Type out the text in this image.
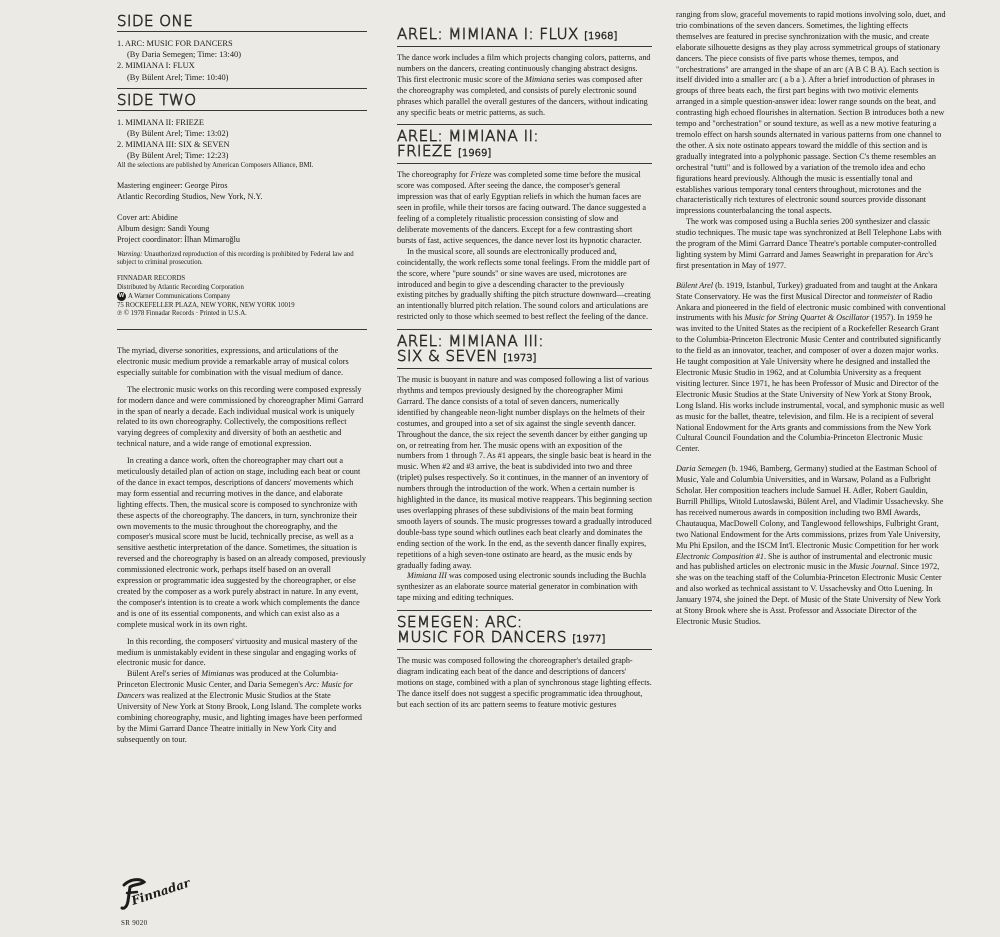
SIDE ONE
1. ARC: MUSIC FOR DANCERS
(By Daria Semegen; Time: 13:40)
2. MIMIANA I: FLUX
(By Bülent Arel; Time: 10:40)
SIDE TWO
1. MIMIANA II: FRIEZE
(By Bülent Arel; Time: 13:02)
2. MIMIANA III: SIX & SEVEN
(By Bülent Arel; Time: 12:23)
All the selections are published by American Composers Alliance, BMI.
Mastering engineer: George Piros
Atlantic Recording Studios, New York, N.Y.
Cover art: Abidine
Album design: Sandi Young
Project coordinator: İlhan Mimaroğlu
Warning: Unauthorized reproduction of this recording is prohibited by Federal law and subject to criminal prosecution.
FINNADAR RECORDS
Distributed by Atlantic Recording Corporation
W A Warner Communications Company
75 ROCKEFELLER PLAZA, NEW YORK, NEW YORK 10019
℗ © 1978 Finnadar Records · Printed in U.S.A.

The myriad, diverse sonorities, expressions, and articulations of the electronic music medium provide a remarkable array of musical colors especially suitable for combination with the visual medium of dance.

The electronic music works on this recording were composed expressly for modern dance and were commissioned by choreographer Mimi Garrard in the span of nearly a decade. Each individual musical work is uniquely related to its own choreography. Collectively, the compositions reflect varying degrees of complexity and diversity of both an aesthetic and technical nature, and a wide range of emotional expression.

In creating a dance work, often the choreographer may chart out a meticulously detailed plan of action on stage, including each beat or count of the dance in exact tempos, descriptions of dancers' movements which may form essential and recurring motives in the dance, and elaborate lighting effects. Then, the musical score is composed to synchronize with these aspects of the choreography. The dancers, in turn, synchronize their own movements to the music throughout the choreography, and the composer's musical score must be lucid, technically precise, as well as a sensitive aesthetic interpretation of the dance. Sometimes, the situation is reversed and the choreography is based on an already composed, previously commissioned electronic work, perhaps itself based on an overall expression or programmatic idea suggested by the choreographer, or else created by the composer as a work purely abstract in nature. In any event, the composer's intention is to create a work which complements the dance and is one of its essential components, and which can exist also as a complete musical work in its own right.

In this recording, the composers' virtuosity and musical mastery of the medium is unmistakably evident in these singular and engaging works of electronic music for dance.

Bülent Arel's series of Mimianas was produced at the Columbia-Princeton Electronic Music Center, and Daria Semegen's Arc: Music for Dancers was realized at the Electronic Music Studios at the State University of New York at Stony Brook, Long Island. The complete works combining choreography, music, and lighting images have been performed by the Mimi Garrard Dance Theatre initially in New York City and subsequently on tour.

Finnadar
SR 9020
AREL: MIMIANA I: FLUX [1968]

The dance work includes a film which projects changing colors, patterns, and numbers on the dancers, creating continuously changing abstract designs. This first electronic music score of the Mimiana series was composed after the choreography was completed, and consists of purely electronic sound phrases which parallel the overall gestures of the dancers, without indicating any specific beats or metric patterns, as such.

AREL: MIMIANA II:
FRIEZE [1969]

The choreography for Frieze was completed some time before the musical score was composed. After seeing the dance, the composer's general impression was that of early Egyptian reliefs in which the human faces are seen in profile, while their torsos are facing outward. The dance suggested a feeling of a completely ritualistic procession consisting of slow and deliberate movements of the dancers. Except for a few contrasting short bursts of fast, active sequences, the dance never lost its hypnotic character.

In the musical score, all sounds are electronically produced and, coincidentally, the work reflects some tonal feelings. From the middle part of the score, where "pure sounds" or sine waves are used, microtones are introduced and begin to give a descending character to the previously existing pitches by gradually shifting the pitch structure downward—creating an intentionally blurred pitch relation. The sound colors and articulations are restricted only to those which seemed to best reflect the feeling of the dance.

AREL: MIMIANA III:
SIX & SEVEN [1973]

The music is buoyant in nature and was composed following a list of various rhythms and tempos previously designed by the choreographer Mimi Garrard. The dance consists of a total of seven dancers, numerically identified by changeable neon-light number displays on the helmets of their costumes, and grouped into a set of six against the single seventh dancer. Throughout the dance, the six reject the seventh dancer by either ganging up on, or retreating from her. The music opens with an exposition of the numbers from 1 through 7. As #1 appears, the single basic beat is heard in the music. When #2 and #3 arrive, the beat is subdivided into two and three (triplet) pulses respectively. So it continues, in the manner of an inventory of numbers through the introduction of the work. When a certain number is highlighted in the dance, its musical motive reappears. This beginning section uses overlapping phrases of these subdivisions of the main beat forming smooth layers of sounds. The music progresses toward a gradually introduced double-bass type sound which outlines each beat clearly and dominates the ending section of the work. In the end, as the seventh dancer finally expires, repetitions of a high seven-tone ostinato are heard, as the music ends by gradually fading away.

Mimiana III was composed using electronic sounds including the Buchla synthesizer as an elaborate source material generator in combination with tape mixing and editing techniques.

SEMEGEN: ARC:
MUSIC FOR DANCERS [1977]

The music was composed following the choreographer's detailed graph-diagram indicating each beat of the dance and descriptions of dancers' motions on stage, combined with a plan of synchronous stage lighting effects. The dance itself does not suggest a specific programmatic idea throughout, but each section of its arc pattern seems to feature motivic gestures

ranging from slow, graceful movements to rapid motions involving solo, duet, and trio combinations of the seven dancers. Sometimes, the lighting effects themselves are featured in precise synchronization with the music, and create elaborate silhouette designs as they play across symmetrical groups of stationary dancers. The piece consists of five parts whose themes, tempos, and "orchestrations" are arranged in the shape of an arc (A B C B A). Each section is itself divided into a smaller arc ( a b a ). After a brief introduction of phrases in groups of three beats each, the first part begins with two motivic elements arranged in a simple question-answer idea: lower range sounds on the beat, and contrasting high echoed flourishes in alternation. Section B introduces both a new tempo and "orchestration" or sound texture, as well as a new motive featuring a tremolo effect on harsh sounds alternated in various patterns from one channel to the other. A six note ostinato appears toward the middle of this section and is gradually integrated into a polyphonic passage. Section C's theme resembles an orchestral "tutti" and is followed by a variation of the tremolo idea and echo figurations heard previously. Although the music is essentially tonal and establishes various temporary tonal centers throughout, microtones and the characteristically rich textures of electronic sound sources provide dissonant impressions counterbalancing the tonal aspects.

The work was composed using a Buchla series 200 synthesizer and classic studio techniques. The music tape was synchronized at Bell Telephone Labs with the program of the Mimi Garrard Dance Theatre's portable computer-controlled lighting system by Mimi Garrard and James Seawright in preparation for Arc's first presentation in May of 1977.

Bülent Arel (b. 1919, Istanbul, Turkey) graduated from and taught at the Ankara State Conservatory. He was the first Musical Director and tonmeister of Radio Ankara and pioneered in the field of electronic music combined with conventional instruments with his Music for String Quartet & Oscillator (1957). In 1959 he was invited to the United States as the recipient of a Rockefeller Research Grant to the Columbia-Princeton Electronic Music Center and contributed significantly to the field as an innovator, teacher, and composer of over a dozen major works. He taught composition at Yale University where he designed and installed the Electronic Music Studio in 1962, and at Columbia University as a frequent visiting lecturer. Since 1971, he has been Professor of Music and Director of the Electronic Music Studios at the State University of New York at Stony Brook, Long Island. His works include instrumental, vocal, and symphonic music as well as music for the ballet, theatre, television, and film. He is a recipient of several National Endowment for the Arts grants and commissions from the New York Cultural Council Foundation and the Columbia-Princeton Electronic Music Center.

Daria Semegen (b. 1946, Bamberg, Germany) studied at the Eastman School of Music, Yale and Columbia Universities, and in Warsaw, Poland as a Fulbright Scholar. Her composition teachers include Samuel H. Adler, Robert Gauldin, Burrill Phillips, Witold Lutoslawski, Bülent Arel, and Vladimir Ussachevsky. She has received numerous awards in composition including two BMI Awards, Chautauqua, MacDowell Colony, and Tanglewood fellowships, Fulbright Grant, two National Endowment for the Arts commissions, prizes from Yale University, Mu Phi Epsilon, and the ISCM Int'l. Electronic Music Competition for her work Electronic Composition #1. She is author of instrumental and electronic music and has published articles on electronic music in the Music Journal. Since 1972, she was on the teaching staff of the Columbia-Princeton Electronic Music Center and also worked as technical assistant to V. Ussachevsky and Otto Luening. In January 1974, she joined the Dept. of Music of the State University of New York at Stony Brook where she is Asst. Professor and Associate Director of the Electronic Music Studios.
